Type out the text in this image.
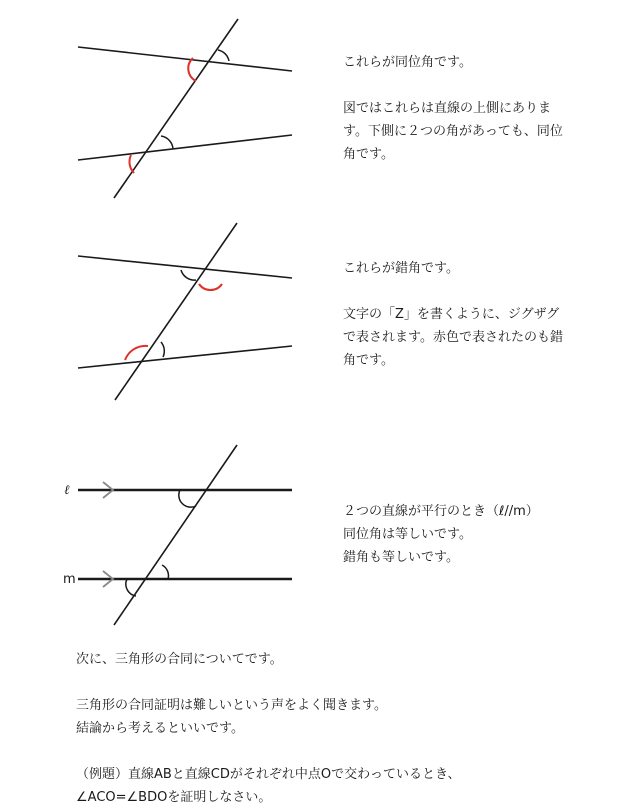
これらが同位角です。

図ではこれらは直線の上側にありま

す。下側に２つの角があっても、同位

角です。

これらが錯角です。

文字の「Z」を書くように、ジグザグ

で表されます。赤色で表されたのも錯

角です。

ℓ
m

２つの直線が平行のとき（ℓ//m）

同位角は等しいです。

錯角も等しいです。

次に、三角形の合同についてです。

三角形の合同証明は難しいという声をよく聞きます。

結論から考えるといいです。

（例題）直線ABと直線CDがそれぞれ中点Oで交わっているとき、

∠ACO=∠BDOを証明しなさい。
